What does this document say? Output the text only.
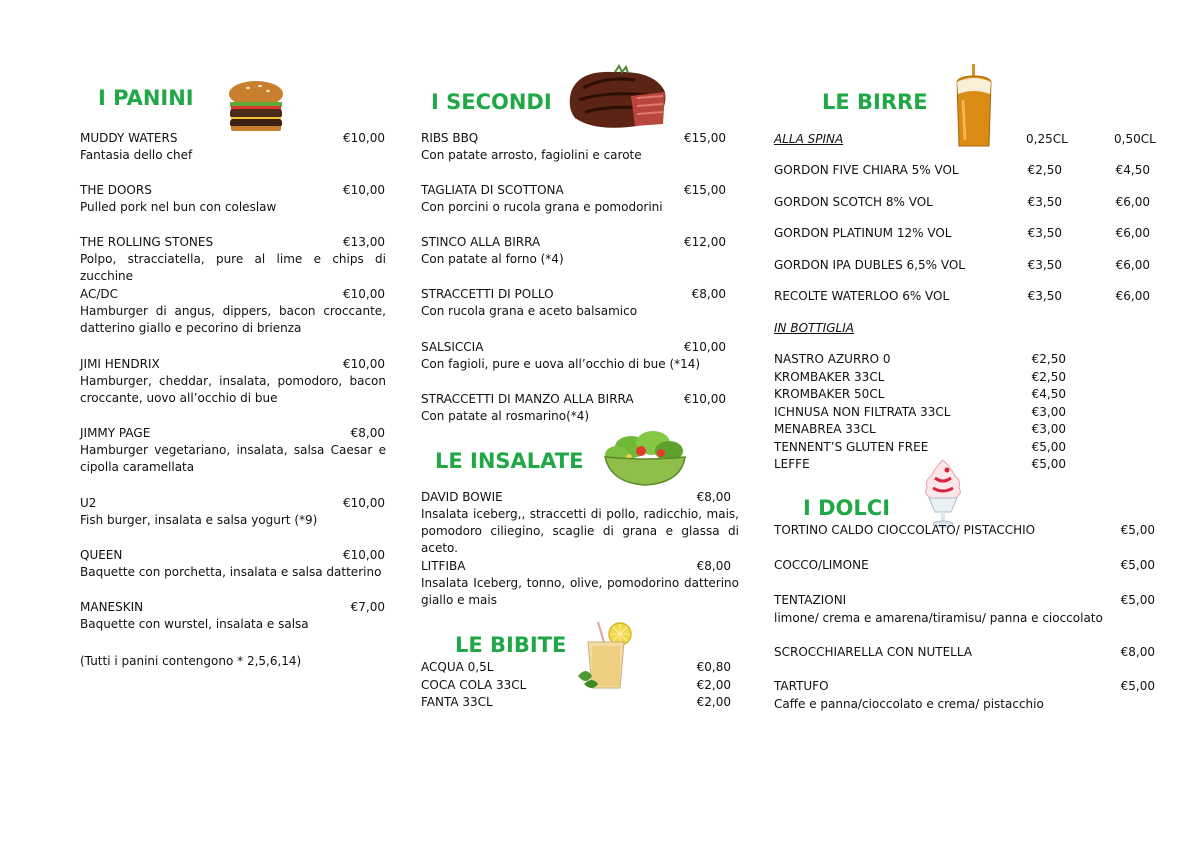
I PANINI
MUDDY WATERS	€10,00
Fantasia dello chef
THE DOORS	€10,00
Pulled pork nel bun con coleslaw
THE ROLLING STONES	€13,00
Polpo, stracciatella, pure al lime e chips di zucchine
AC/DC	€10,00
Hamburger di angus, dippers, bacon croccante, datterino giallo e pecorino di brienza
JIMI HENDRIX	€10,00
Hamburger, cheddar, insalata, pomodoro, bacon croccante, uovo all’occhio di bue
JIMMY PAGE	€8,00
Hamburger vegetariano, insalata, salsa Caesar e cipolla caramellata
U2	€10,00
Fish burger, insalata e salsa yogurt (*9)
QUEEN	€10,00
Baquette con porchetta, insalata e salsa datterino
MANESKIN	€7,00
Baquette con wurstel, insalata e salsa
(Tutti i panini contengono * 2,5,6,14)
I SECONDI
RIBS BBQ	€15,00
Con patate arrosto, fagiolini e carote
TAGLIATA DI SCOTTONA	€15,00
Con porcini o rucola grana e pomodorini
STINCO ALLA BIRRA	€12,00
Con patate al forno (*4)
STRACCETTI DI POLLO	€8,00
Con rucola grana e aceto balsamico
SALSICCIA	€10,00
Con fagioli, pure e uova all’occhio di bue (*14)
STRACCETTI DI MANZO ALLA BIRRA	€10,00
Con patate al rosmarino(*4)
LE INSALATE
DAVID BOWIE	€8,00
Insalata iceberg,, straccetti di pollo, radicchio, mais, pomodoro ciliegino, scaglie di grana e glassa di aceto.
LITFIBA	€8,00
Insalata Iceberg, tonno, olive, pomodorino datterino giallo e mais
LE BIBITE
ACQUA 0,5L	€0,80
COCA COLA 33CL	€2,00
FANTA 33CL	€2,00
LE BIRRE
ALLA SPINA	0,25CL	0,50CL
GORDON FIVE CHIARA 5% VOL	€2,50	€4,50
GORDON SCOTCH 8% VOL	€3,50	€6,00
GORDON PLATINUM 12% VOL	€3,50	€6,00
GORDON IPA DUBLES 6,5% VOL	€3,50	€6,00
RECOLTE WATERLOO 6% VOL	€3,50	€6,00
IN BOTTIGLIA
NASTRO AZURRO 0	€2,50
KROMBAKER 33CL	€2,50
KROMBAKER 50CL	€4,50
ICHNUSA NON FILTRATA 33CL	€3,00
MENABREA 33CL	€3,00
TENNENT’S GLUTEN FREE	€5,00
LEFFE	€5,00
I DOLCI
TORTINO CALDO CIOCCOLATO/ PISTACCHIO	€5,00
COCCO/LIMONE	€5,00
TENTAZIONI	€5,00
limone/ crema e amarena/tiramisu/ panna e cioccolato
SCROCCHIARELLA CON NUTELLA	€8,00
TARTUFO	€5,00
Caffe e panna/cioccolato e crema/ pistacchio
